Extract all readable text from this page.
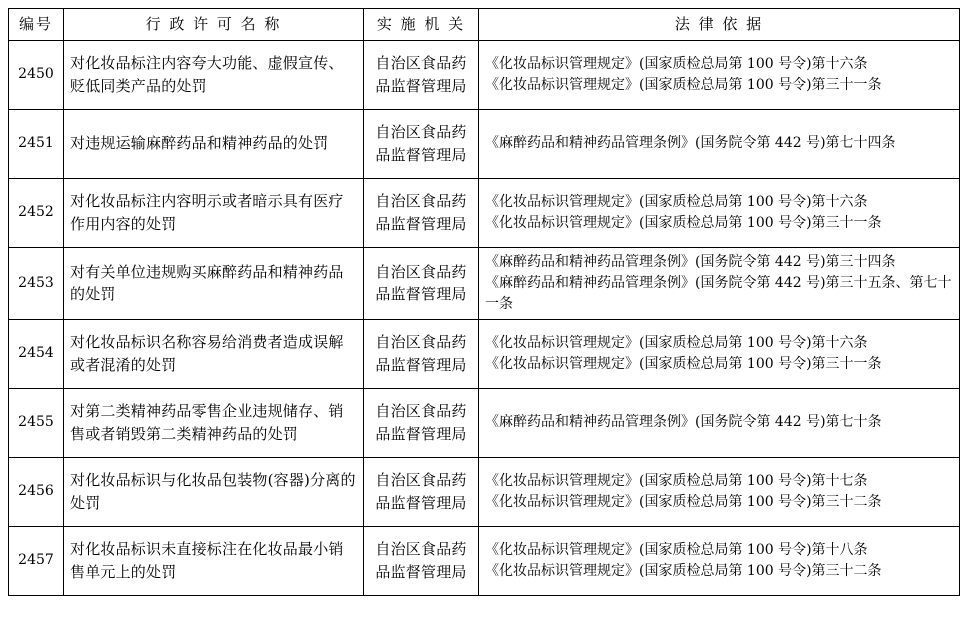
编号	行 政 许 可 名 称	实 施 机 关	法 律 依 据
2450	对化妆品标注内容夸大功能、虚假宣传、贬低同类产品的处罚	自治区食品药品监督管理局	《化妆品标识管理规定》(国家质检总局第 100 号令)第十六条
《化妆品标识管理规定》(国家质检总局第 100 号令)第三十一条

2451	对违规运输麻醉药品和精神药品的处罚	自治区食品药品监督管理局	《麻醉药品和精神药品管理条例》(国务院令第 442 号)第七十四条

2452	对化妆品标注内容明示或者暗示具有医疗作用内容的处罚	自治区食品药品监督管理局	《化妆品标识管理规定》(国家质检总局第 100 号令)第十六条
《化妆品标识管理规定》(国家质检总局第 100 号令)第三十一条

2453	对有关单位违规购买麻醉药品和精神药品的处罚	自治区食品药品监督管理局	《麻醉药品和精神药品管理条例》(国务院令第 442 号)第三十四条
《麻醉药品和精神药品管理条例》(国务院令第 442 号)第三十五条、第七十一条

2454	对化妆品标识名称容易给消费者造成误解或者混淆的处罚	自治区食品药品监督管理局	《化妆品标识管理规定》(国家质检总局第 100 号令)第十六条
《化妆品标识管理规定》(国家质检总局第 100 号令)第三十一条

2455	对第二类精神药品零售企业违规储存、销售或者销毁第二类精神药品的处罚	自治区食品药品监督管理局	《麻醉药品和精神药品管理条例》(国务院令第 442 号)第七十条

2456	对化妆品标识与化妆品包装物(容器)分离的处罚	自治区食品药品监督管理局	《化妆品标识管理规定》(国家质检总局第 100 号令)第十七条
《化妆品标识管理规定》(国家质检总局第 100 号令)第三十二条

2457	对化妆品标识未直接标注在化妆品最小销售单元上的处罚	自治区食品药品监督管理局	《化妆品标识管理规定》(国家质检总局第 100 号令)第十八条
《化妆品标识管理规定》(国家质检总局第 100 号令)第三十二条
